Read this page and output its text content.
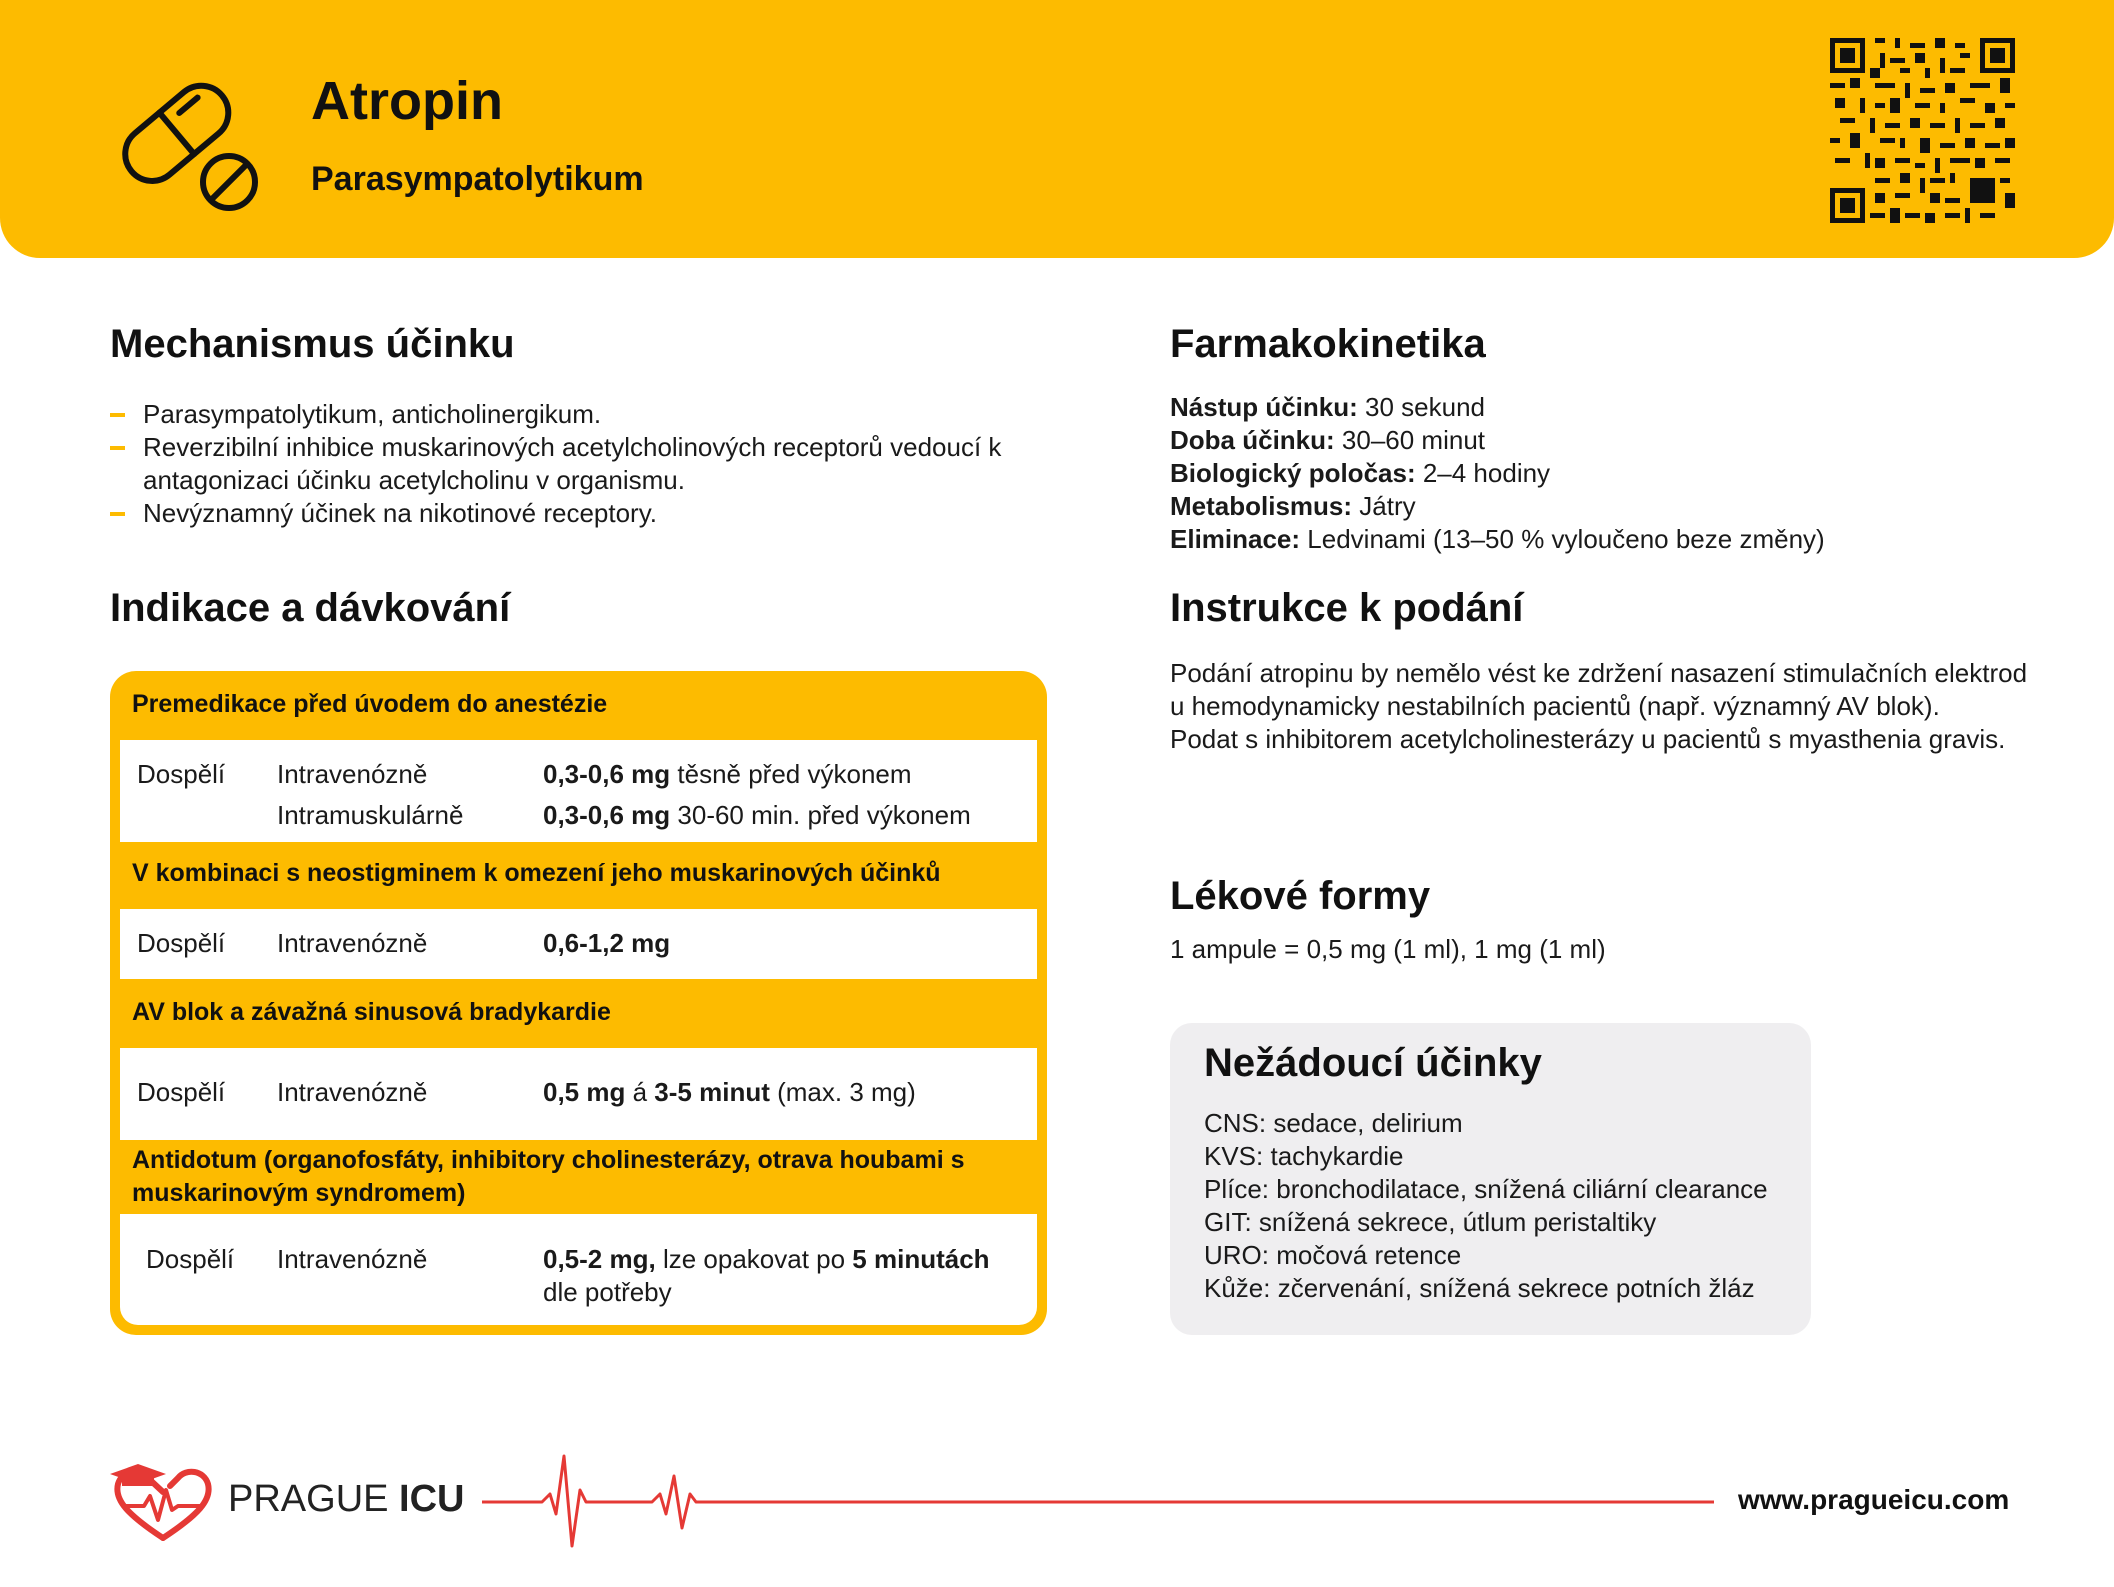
Atropin
Parasympatolytikum
Mechanismus účinku
Parasympatolytikum, anticholinergikum.
Reverzibilní inhibice muskarinových acetylcholinových receptorů vedoucí k antagonizaci účinku acetylcholinu v organismu.
Nevýznamný účinek na nikotinové receptory.
Indikace a dávkování
Premedikace před úvodem do anestézie
Dospělí Intravenózně	0,3-0,6 mg těsně před výkonem
Intramuskulárně	0,3-0,6 mg 30-60 min. před výkonem
V kombinaci s neostigminem k omezení jeho muskarinových účinků
Dospělí Intravenózně	0,6-1,2 mg
AV blok a závažná sinusová bradykardie
Dospělí Intravenózně	0,5 mg á 3-5 minut (max. 3 mg)
Antidotum (organofosfáty, inhibitory cholinesterázy, otrava houbami s
muskarinovým syndromem)
Dospělí Intravenózně	0,5-2 mg, lze opakovat po 5 minutách
dle potřeby
Farmakokinetika
Nástup účinku: 30 sekund
Doba účinku: 30–60 minut
Biologický poločas: 2–4 hodiny
Metabolismus: Játry
Eliminace: Ledvinami (13–50 % vyloučeno beze změny)
Instrukce k podání
Podání atropinu by nemělo vést ke zdržení nasazení stimulačních elektrod
u hemodynamicky nestabilních pacientů (např. významný AV blok).
Podat s inhibitorem acetylcholinesterázy u pacientů s myasthenia gravis.
Lékové formy
1 ampule = 0,5 mg (1 ml), 1 mg (1 ml)
Nežádoucí účinky
CNS: sedace, delirium
KVS: tachykardie
Plíce: bronchodilatace, snížená ciliární clearance
GIT: snížená sekrece, útlum peristaltiky
URO: močová retence
Kůže: zčervenání, snížená sekrece potních žláz
PRAGUE ICU	www.pragueicu.com
